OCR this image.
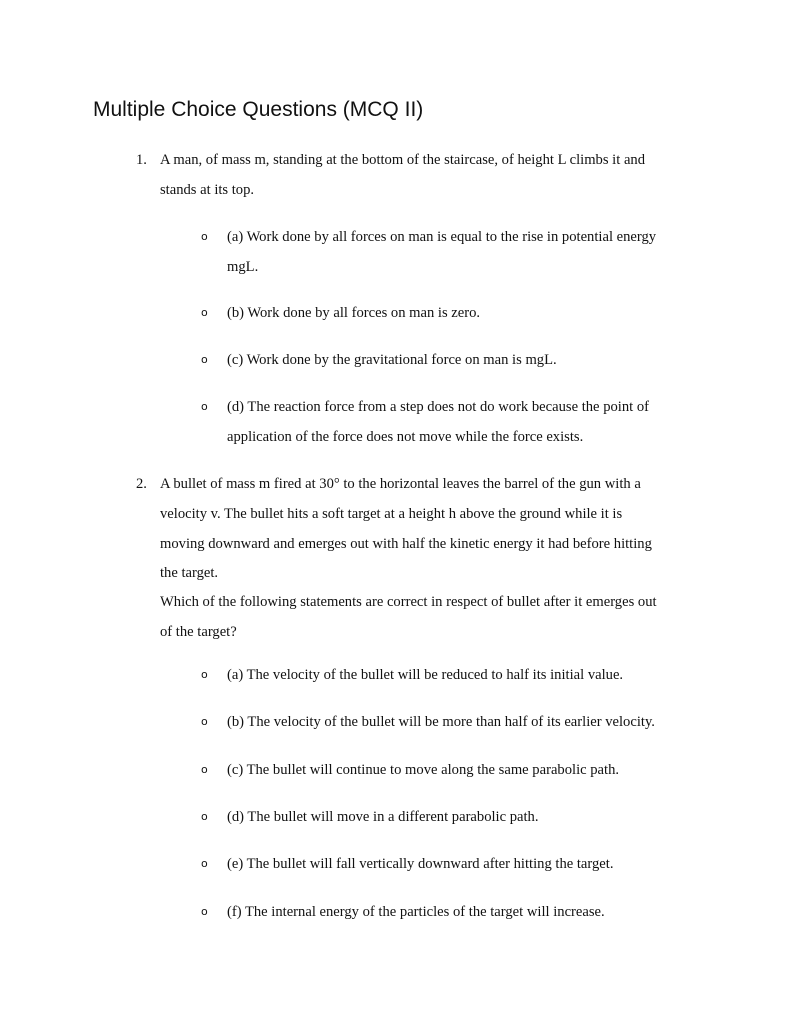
Multiple Choice Questions (MCQ II)
1. A man, of mass m, standing at the bottom of the staircase, of height L climbs it and
stands at its top.
o (a) Work done by all forces on man is equal to the rise in potential energy
mgL.
o (b) Work done by all forces on man is zero.
o (c) Work done by the gravitational force on man is mgL.
o (d) The reaction force from a step does not do work because the point of
application of the force does not move while the force exists.
2. A bullet of mass m fired at 30° to the horizontal leaves the barrel of the gun with a
velocity v. The bullet hits a soft target at a height h above the ground while it is
moving downward and emerges out with half the kinetic energy it had before hitting
the target.
Which of the following statements are correct in respect of bullet after it emerges out
of the target?
o (a) The velocity of the bullet will be reduced to half its initial value.
o (b) The velocity of the bullet will be more than half of its earlier velocity.
o (c) The bullet will continue to move along the same parabolic path.
o (d) The bullet will move in a different parabolic path.
o (e) The bullet will fall vertically downward after hitting the target.
o (f) The internal energy of the particles of the target will increase.
